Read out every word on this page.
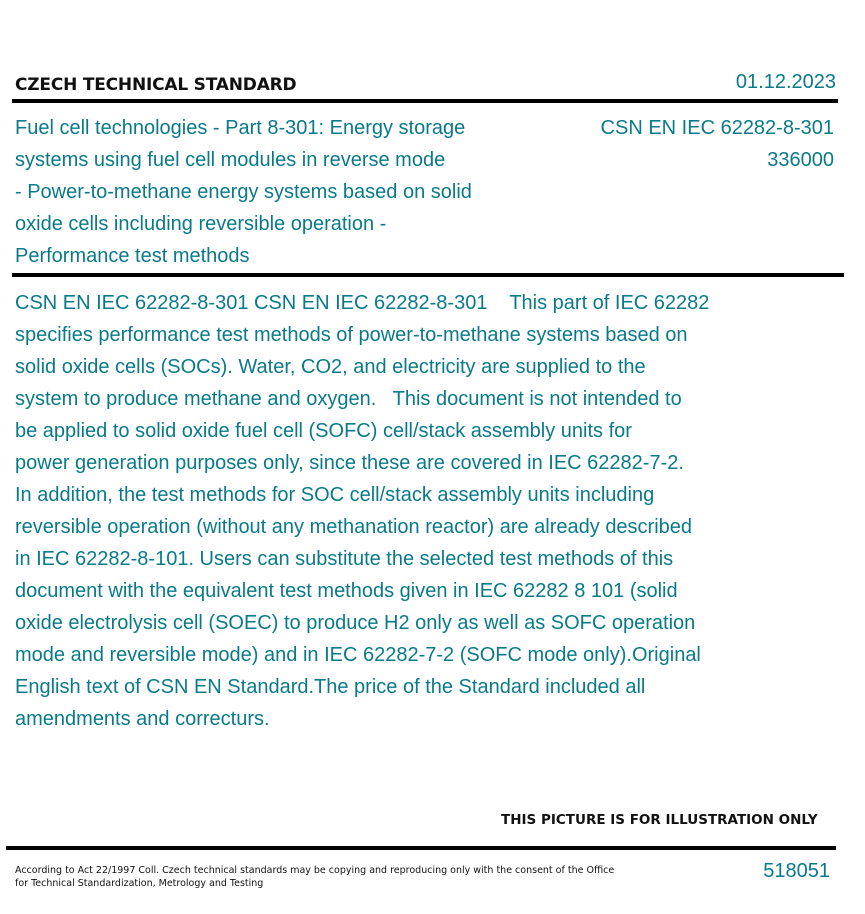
CZECH TECHNICAL STANDARD	01.12.2023
Fuel cell technologies - Part 8-301: Energy storage
systems using fuel cell modules in reverse mode
- Power-to-methane energy systems based on solid
oxide cells including reversible operation -
Performance test methods
CSN EN IEC 62282-8-301
336000
CSN EN IEC 62282-8-301 CSN EN IEC 62282-8-301    This part of IEC 62282
specifies performance test methods of power-to-methane systems based on
solid oxide cells (SOCs). Water, CO2, and electricity are supplied to the
system to produce methane and oxygen.   This document is not intended to
be applied to solid oxide fuel cell (SOFC) cell/stack assembly units for
power generation purposes only, since these are covered in IEC 62282-7-2.
In addition, the test methods for SOC cell/stack assembly units including
reversible operation (without any methanation reactor) are already described
in IEC 62282-8-101. Users can substitute the selected test methods of this
document with the equivalent test methods given in IEC 62282 8 101 (solid
oxide electrolysis cell (SOEC) to produce H2 only as well as SOFC operation
mode and reversible mode) and in IEC 62282-7-2 (SOFC mode only).Original
English text of CSN EN Standard.The price of the Standard included all
amendments and correcturs.
THIS PICTURE IS FOR ILLUSTRATION ONLY
According to Act 22/1997 Coll. Czech technical standards may be copying and reproducing only with the consent of the Office
for Technical Standardization, Metrology and Testing
518051
